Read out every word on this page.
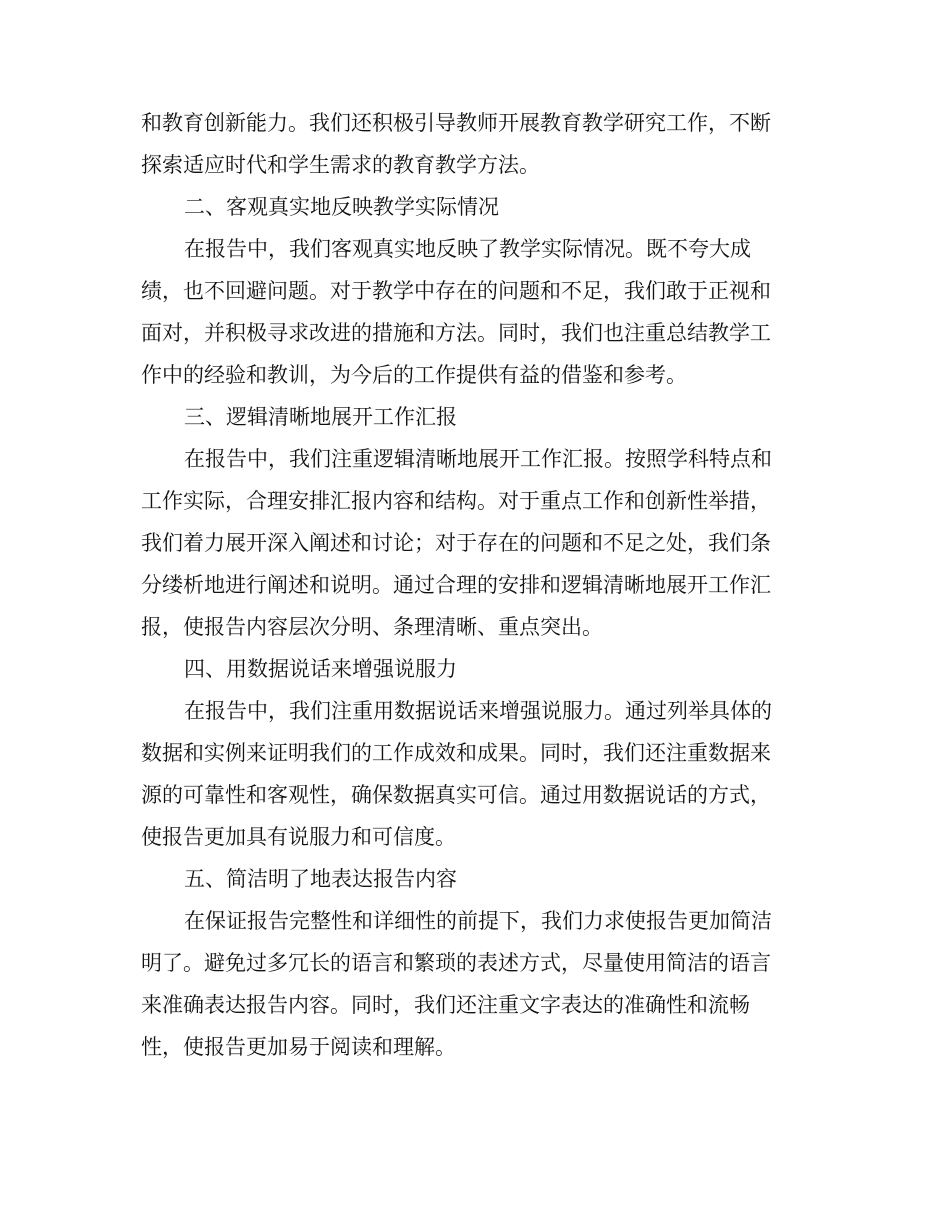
和教育创新能力。我们还积极引导教师开展教育教学研究工作，不断
探索适应时代和学生需求的教育教学方法。
二、客观真实地反映教学实际情况
在报告中，我们客观真实地反映了教学实际情况。既不夸大成
绩，也不回避问题。对于教学中存在的问题和不足，我们敢于正视和
面对，并积极寻求改进的措施和方法。同时，我们也注重总结教学工
作中的经验和教训，为今后的工作提供有益的借鉴和参考。
三、逻辑清晰地展开工作汇报
在报告中，我们注重逻辑清晰地展开工作汇报。按照学科特点和
工作实际，合理安排汇报内容和结构。对于重点工作和创新性举措，
我们着力展开深入阐述和讨论；对于存在的问题和不足之处，我们条
分缕析地进行阐述和说明。通过合理的安排和逻辑清晰地展开工作汇
报，使报告内容层次分明、条理清晰、重点突出。
四、用数据说话来增强说服力
在报告中，我们注重用数据说话来增强说服力。通过列举具体的
数据和实例来证明我们的工作成效和成果。同时，我们还注重数据来
源的可靠性和客观性，确保数据真实可信。通过用数据说话的方式，
使报告更加具有说服力和可信度。
五、简洁明了地表达报告内容
在保证报告完整性和详细性的前提下，我们力求使报告更加简洁
明了。避免过多冗长的语言和繁琐的表述方式，尽量使用简洁的语言
来准确表达报告内容。同时，我们还注重文字表达的准确性和流畅
性，使报告更加易于阅读和理解。
